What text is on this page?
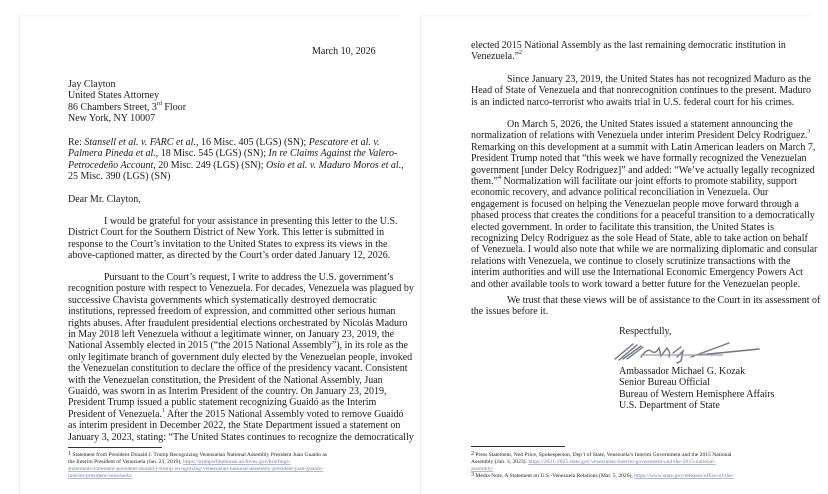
March 10, 2026
Jay Clayton
United States Attorney
86 Chambers Street, 3rd Floor
New York, NY 10007
Re: Stansell et al. v. FARC et al., 16 Misc. 405 (LGS) (SN); Pescatore et al. v.
Palmera Pineda et al., 18 Misc. 545 (LGS) (SN); In re Claims Against the Valero-
Petrocedeño Account, 20 Misc. 249 (LGS) (SN); Osio et al. v. Maduro Moros et al.,
25 Misc. 390 (LGS) (SN)
Dear Mr. Clayton,
I would be grateful for your assistance in presenting this letter to the U.S.
District Court for the Southern District of New York. This letter is submitted in
response to the Court’s invitation to the United States to express its views in the
above-captioned matter, as directed by the Court’s order dated January 12, 2026.
Pursuant to the Court’s request, I write to address the U.S. government’s
recognition posture with respect to Venezuela. For decades, Venezuela was plagued by
successive Chavista governments which systematically destroyed democratic
institutions, repressed freedom of expression, and committed other serious human
rights abuses. After fraudulent presidential elections orchestrated by Nicolás Maduro
in May 2018 left Venezuela without a legitimate winner, on January 23, 2019, the
National Assembly elected in 2015 (“the 2015 National Assembly”), in its role as the
only legitimate branch of government duly elected by the Venezuelan people, invoked
the Venezuelan constitution to declare the office of the presidency vacant. Consistent
with the Venezuelan constitution, the President of the National Assembly, Juan
Guaidó, was sworn in as Interim President of the country. On January 23, 2019,
President Trump issued a public statement recognizing Guaidó as the Interim
President of Venezuela.$^1$ After the 2015 National Assembly voted to remove Guaidó
as interim president in December 2022, the State Department issued a statement on
January 3, 2023, stating: “The United States continues to recognize the democratically
$^1$ Statement from President Donald J. Trump Recognizing Venezuelan National Assembly President Juan Guaido as
the Interim President of Venezuela (Jan. 23, 2019), https://trumpwhitehouse.archives.gov/briefings-
statements/statement-president-donald-j-trump-recognizing-venezuelan-national-assembly-president-juan-guaido-
interim-president-venezuela/
elected 2015 National Assembly as the last remaining democratic institution in
Venezuela.”$^2$
Since January 23, 2019, the United States has not recognized Maduro as the
Head of State of Venezuela and that nonrecognition continues to the present. Maduro
is an indicted narco-terrorist who awaits trial in U.S. federal court for his crimes.
On March 5, 2026, the United States issued a statement announcing the
normalization of relations with Venezuela under interim President Delcy Rodriguez.$^3$
Remarking on this development at a summit with Latin American leaders on March 7,
President Trump noted that “this week we have formally recognized the Venezuelan
government [under Delcy Rodriguez]” and added: “We’ve actually legally recognized
them.”$^4$ Normalization will facilitate our joint efforts to promote stability, support
economic recovery, and advance political reconciliation in Venezuela. Our
engagement is focused on helping the Venezuelan people move forward through a
phased process that creates the conditions for a peaceful transition to a democratically
elected government. In order to facilitate this transition, the United States is
recognizing Delcy Rodriguez as the sole Head of State, able to take action on behalf
of Venezuela. I would also note that while we are normalizing diplomatic and consular
relations with Venezuela, we continue to closely scrutinize transactions with the
interim authorities and will use the International Economic Emergency Powers Act
and other available tools to work toward a better future for the Venezuelan people.
We trust that these views will be of assistance to the Court in its assessment of
the issues before it.
Respectfully,
Ambassador Michael G. Kozak
Senior Bureau Official
Bureau of Western Hemisphere Affairs
U.S. Department of State
$^2$ Press Statement, Ned Price, Spokesperson, Dep’t of State, Venezuela’s Interim Government and the 2015 National
Assembly (Jan. 3, 2023). https://2021-2025.state.gov/venezuelas-interim-government-and-the-2015-national-
assembly/
$^3$ Media Note, A Statement on U.S.-Venezuela Relations (Mar. 5, 2026), https://www.state.gov/releases/office-of-the-
